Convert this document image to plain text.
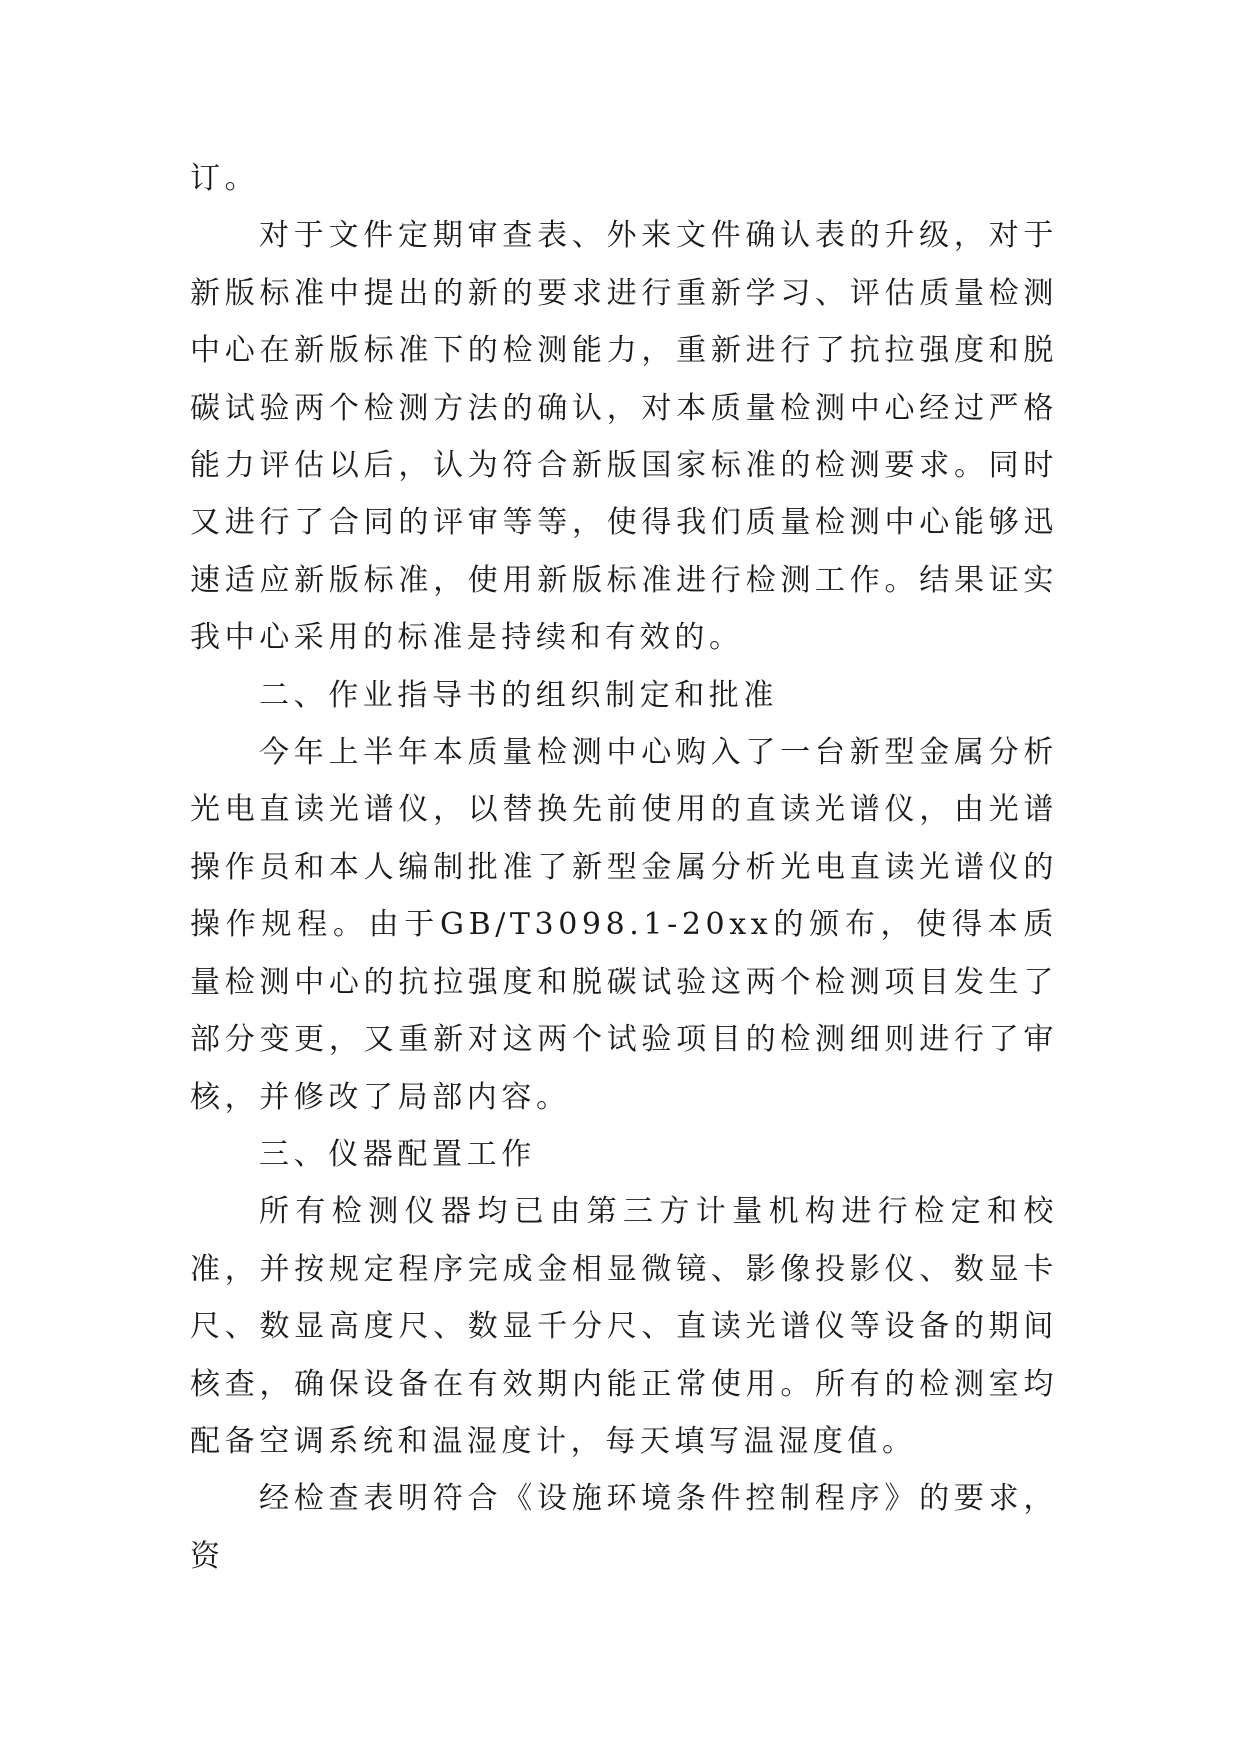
订。

对于文件定期审查表、外来文件确认表的升级，对于新版标准中提出的新的要求进行重新学习、评估质量检测中心在新版标准下的检测能力，重新进行了抗拉强度和脱碳试验两个检测方法的确认，对本质量检测中心经过严格能力评估以后，认为符合新版国家标准的检测要求。同时又进行了合同的评审等等，使得我们质量检测中心能够迅速适应新版标准，使用新版标准进行检测工作。结果证实我中心采用的标准是持续和有效的。

二、作业指导书的组织制定和批准

今年上半年本质量检测中心购入了一台新型金属分析光电直读光谱仪，以替换先前使用的直读光谱仪，由光谱操作员和本人编制批准了新型金属分析光电直读光谱仪的操作规程。由于GB/T3098.1-20xx的颁布，使得本质量检测中心的抗拉强度和脱碳试验这两个检测项目发生了部分变更，又重新对这两个试验项目的检测细则进行了审核，并修改了局部内容。

三、仪器配置工作

所有检测仪器均已由第三方计量机构进行检定和校准，并按规定程序完成金相显微镜、影像投影仪、数显卡尺、数显高度尺、数显千分尺、直读光谱仪等设备的期间核查，确保设备在有效期内能正常使用。所有的检测室均配备空调系统和温湿度计，每天填写温湿度值。

经检查表明符合《设施环境条件控制程序》的要求，资
